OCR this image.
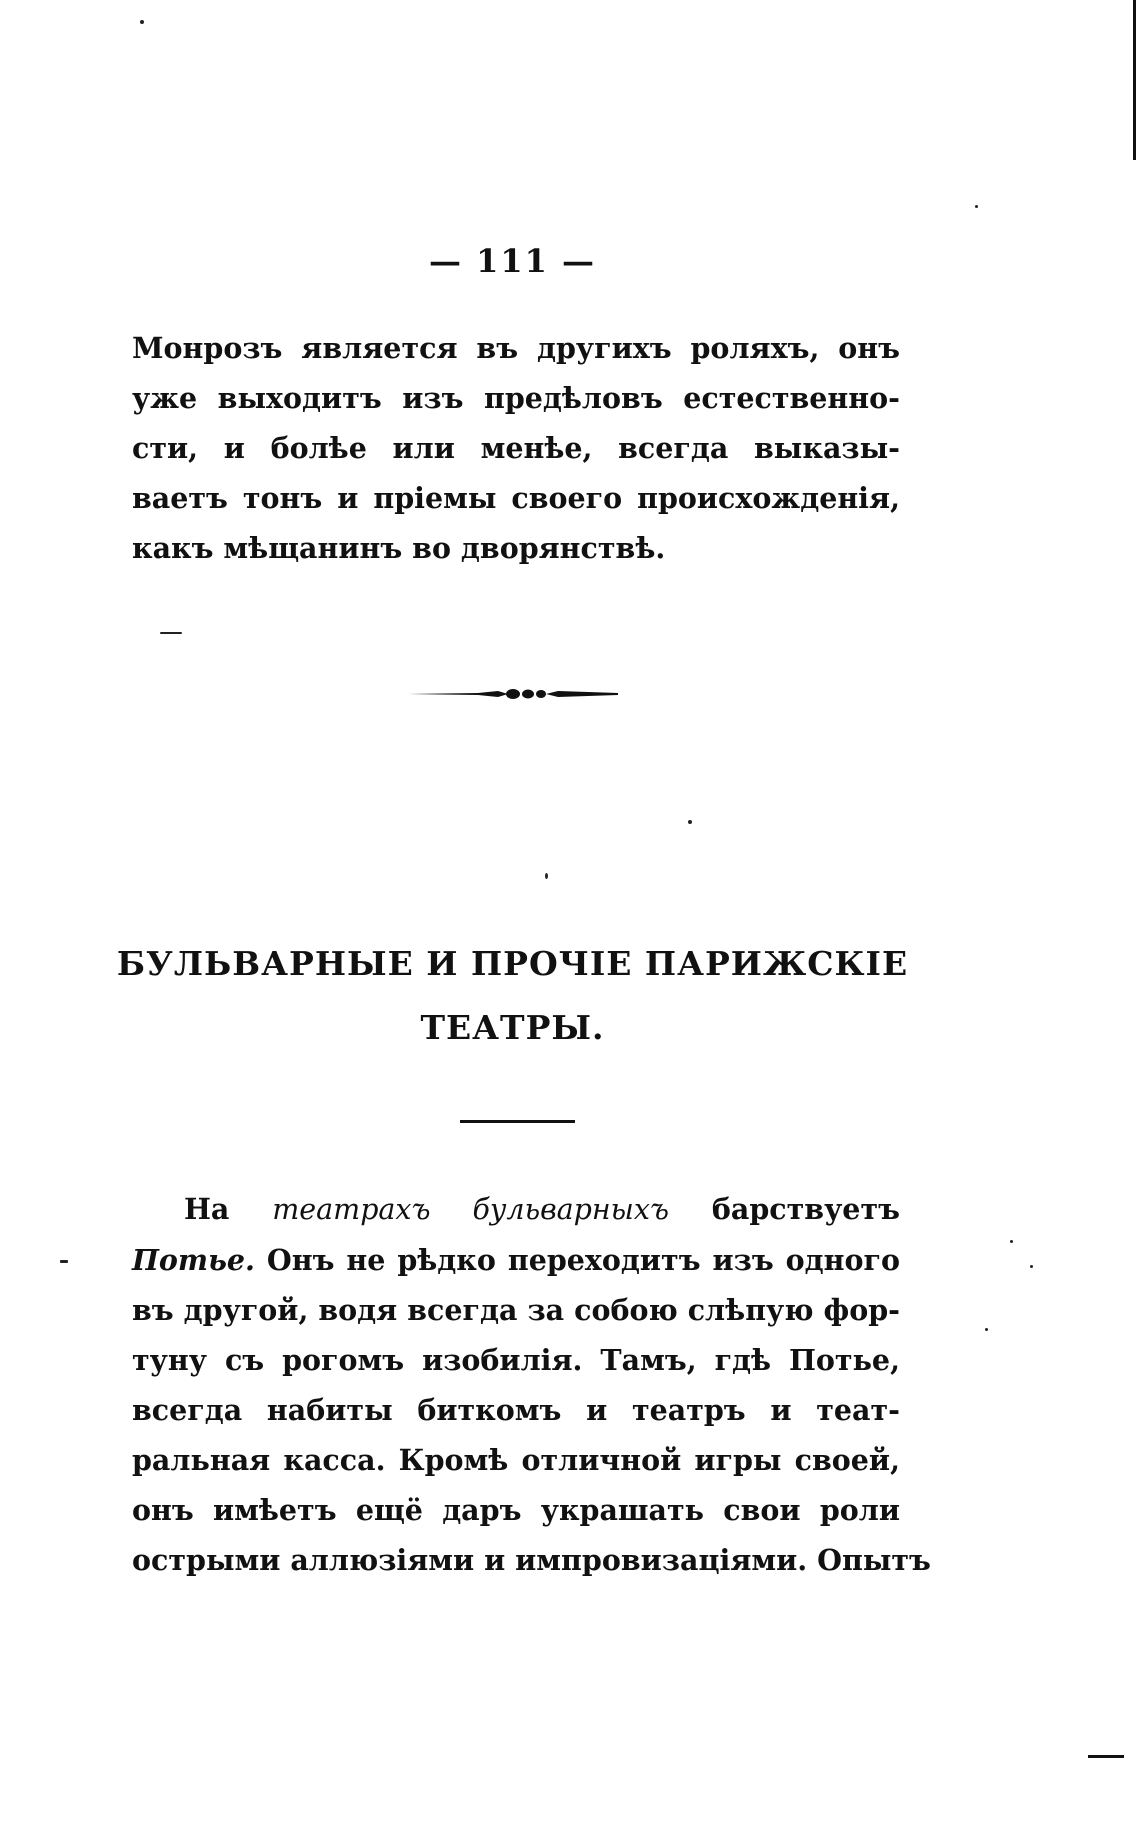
— 111 —
Монрозъ является въ другихъ роляхъ, онъ
уже выходитъ изъ предѣловъ естественно-
сти, и болѣе или менѣе, всегда выказы-
ваетъ тонъ и пріемы своего происхожденія,
какъ мѣщанинъ во дворянствѣ.
БУЛЬВАРНЫЕ И ПРОЧІЕ ПАРИЖСКІЕ
ТЕАТРЫ.
На театрахъ бульварныхъ барствуетъ
Потье. Онъ не рѣдко переходитъ изъ одного
въ другой, водя всегда за собою слѣпую фор-
туну съ рогомъ изобилія. Тамъ, гдѣ Потье,
всегда набиты биткомъ и театръ и теат-
ральная касса. Кромѣ отличной игры своей,
онъ имѣетъ ещё даръ украшать свои роли
острыми аллюзіями и импровизаціями. Опытъ
